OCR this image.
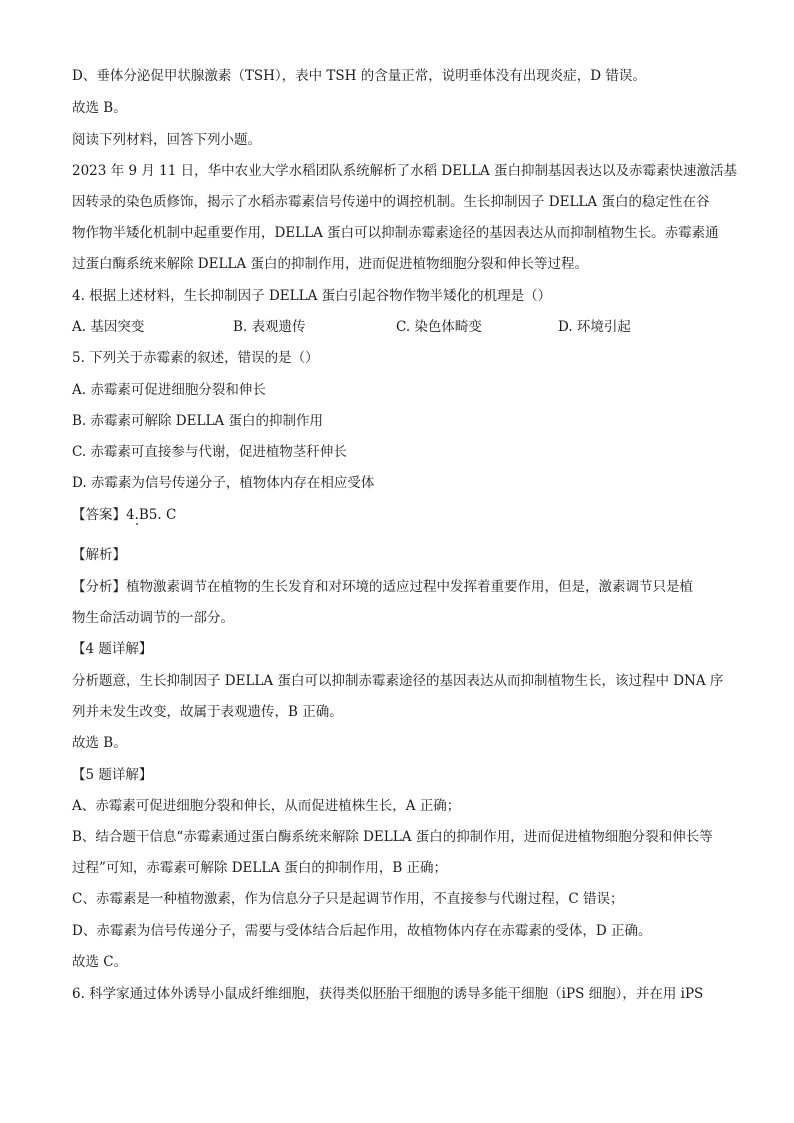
D、垂体分泌促甲状腺激素（TSH），表中 TSH 的含量正常，说明垂体没有出现炎症，D 错误。
故选 B。
阅读下列材料，回答下列小题。
2023 年 9 月 11 日，华中农业大学水稻团队系统解析了水稻 DELLA 蛋白抑制基因表达以及赤霉素快速激活基
因转录的染色质修饰，揭示了水稻赤霉素信号传递中的调控机制。生长抑制因子 DELLA 蛋白的稳定性在谷
物作物半矮化机制中起重要作用，DELLA 蛋白可以抑制赤霉素途径的基因表达从而抑制植物生长。赤霉素通
过蛋白酶系统来解除 DELLA 蛋白的抑制作用，进而促进植物细胞分裂和伸长等过程。
4. 根据上述材料，生长抑制因子 DELLA 蛋白引起谷物作物半矮化的机理是（）
A. 基因突变	B. 表观遗传	C. 染色体畸变	D. 环境引起
5. 下列关于赤霉素的叙述，错误的是（）
A. 赤霉素可促进细胞分裂和伸长
B. 赤霉素可解除 DELLA 蛋白的抑制作用
C. 赤霉素可直接参与代谢，促进植物茎秆伸长
D. 赤霉素为信号传递分子，植物体内存在相应受体
【答案】4.B5. C
【解析】
【分析】植物激素调节在植物的生长发育和对环境的适应过程中发挥着重要作用，但是，激素调节只是植
物生命活动调节的一部分。
【4 题详解】
分析题意，生长抑制因子 DELLA 蛋白可以抑制赤霉素途径的基因表达从而抑制植物生长，该过程中 DNA 序
列并未发生改变，故属于表观遗传，B 正确。
故选 B。
【5 题详解】
A、赤霉素可促进细胞分裂和伸长，从而促进植株生长，A 正确；
B、结合题干信息“赤霉素通过蛋白酶系统来解除 DELLA 蛋白的抑制作用，进而促进植物细胞分裂和伸长等
过程”可知，赤霉素可解除 DELLA 蛋白的抑制作用，B 正确；
C、赤霉素是一种植物激素，作为信息分子只是起调节作用，不直接参与代谢过程，C 错误；
D、赤霉素为信号传递分子，需要与受体结合后起作用，故植物体内存在赤霉素的受体，D 正确。
故选 C。
6. 科学家通过体外诱导小鼠成纤维细胞，获得类似胚胎干细胞的诱导多能干细胞（iPS 细胞），并在用 iPS
